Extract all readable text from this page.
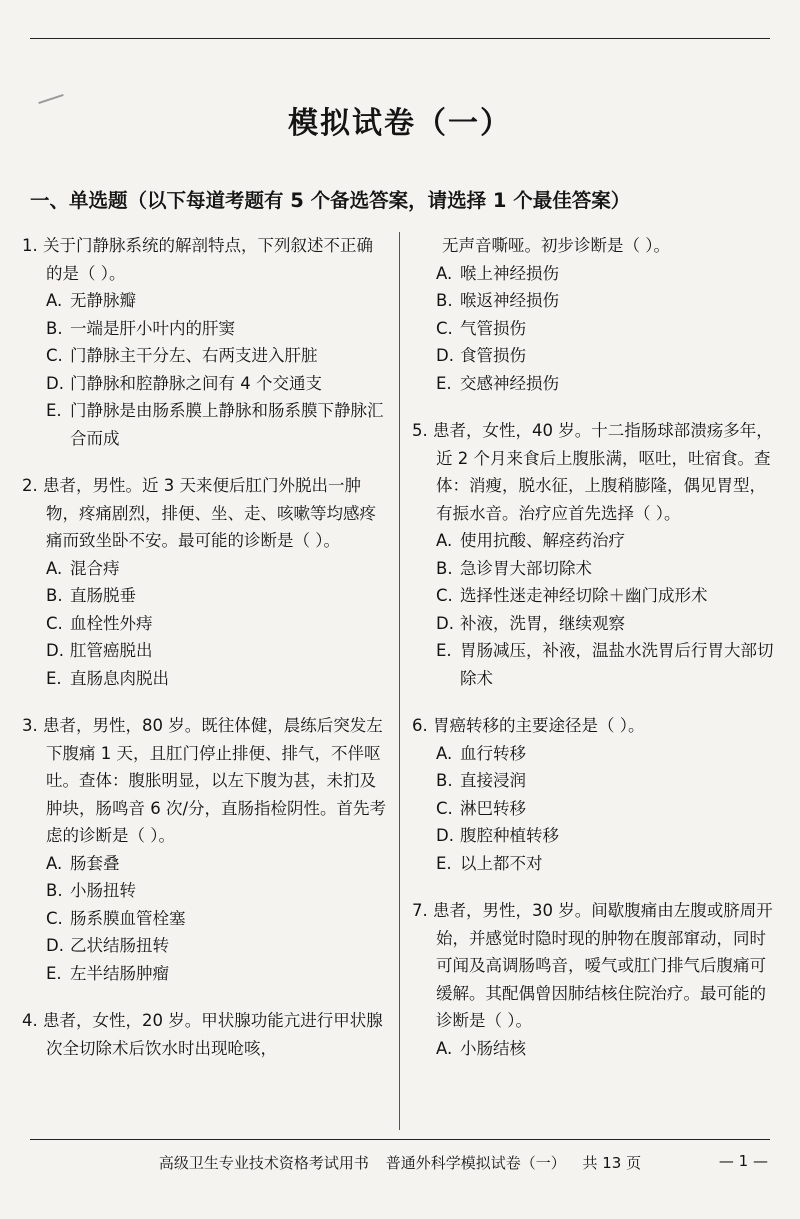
模拟试卷（一）
一、单选题（以下每道考题有 5 个备选答案，请选择 1 个最佳答案）

1. 关于门静脉系统的解剖特点，下列叙述不正确的是（ ）。

A. 无静脉瓣

B. 一端是肝小叶内的肝窦

C. 门静脉主干分左、右两支进入肝脏

D. 门静脉和腔静脉之间有 4 个交通支

E. 门静脉是由肠系膜上静脉和肠系膜下静脉汇合而成

2. 患者，男性。近 3 天来便后肛门外脱出一肿物，疼痛剧烈，排便、坐、走、咳嗽等均感疼痛而致坐卧不安。最可能的诊断是（ ）。

A. 混合痔

B. 直肠脱垂

C. 血栓性外痔

D. 肛管癌脱出

E. 直肠息肉脱出

3. 患者，男性，80 岁。既往体健，晨练后突发左下腹痛 1 天，且肛门停止排便、排气，不伴呕吐。查体：腹胀明显，以左下腹为甚，未扪及肿块，肠鸣音 6 次/分，直肠指检阴性。首先考虑的诊断是（ ）。

A. 肠套叠

B. 小肠扭转

C. 肠系膜血管栓塞

D. 乙状结肠扭转

E. 左半结肠肿瘤

4. 患者，女性，20 岁。甲状腺功能亢进行甲状腺次全切除术后饮水时出现呛咳，

无声音嘶哑。初步诊断是（ ）。

A. 喉上神经损伤

B. 喉返神经损伤

C. 气管损伤

D. 食管损伤

E. 交感神经损伤

5. 患者，女性，40 岁。十二指肠球部溃疡多年，近 2 个月来食后上腹胀满，呕吐，吐宿食。查体：消瘦，脱水征，上腹稍膨隆，偶见胃型，有振水音。治疗应首先选择（ ）。

A. 使用抗酸、解痉药治疗

B. 急诊胃大部切除术

C. 选择性迷走神经切除＋幽门成形术

D. 补液，洗胃，继续观察

E. 胃肠减压，补液，温盐水洗胃后行胃大部切除术

6. 胃癌转移的主要途径是（ ）。

A. 血行转移

B. 直接浸润

C. 淋巴转移

D. 腹腔种植转移

E. 以上都不对

7. 患者，男性，30 岁。间歇腹痛由左腹或脐周开始，并感觉时隐时现的肿物在腹部窜动，同时可闻及高调肠鸣音，嗳气或肛门排气后腹痛可缓解。其配偶曾因肺结核住院治疗。最可能的诊断是（ ）。

A. 小肠结核

高级卫生专业技术资格考试用书 普通外科学模拟试卷（一） 共 13 页	— 1 —
